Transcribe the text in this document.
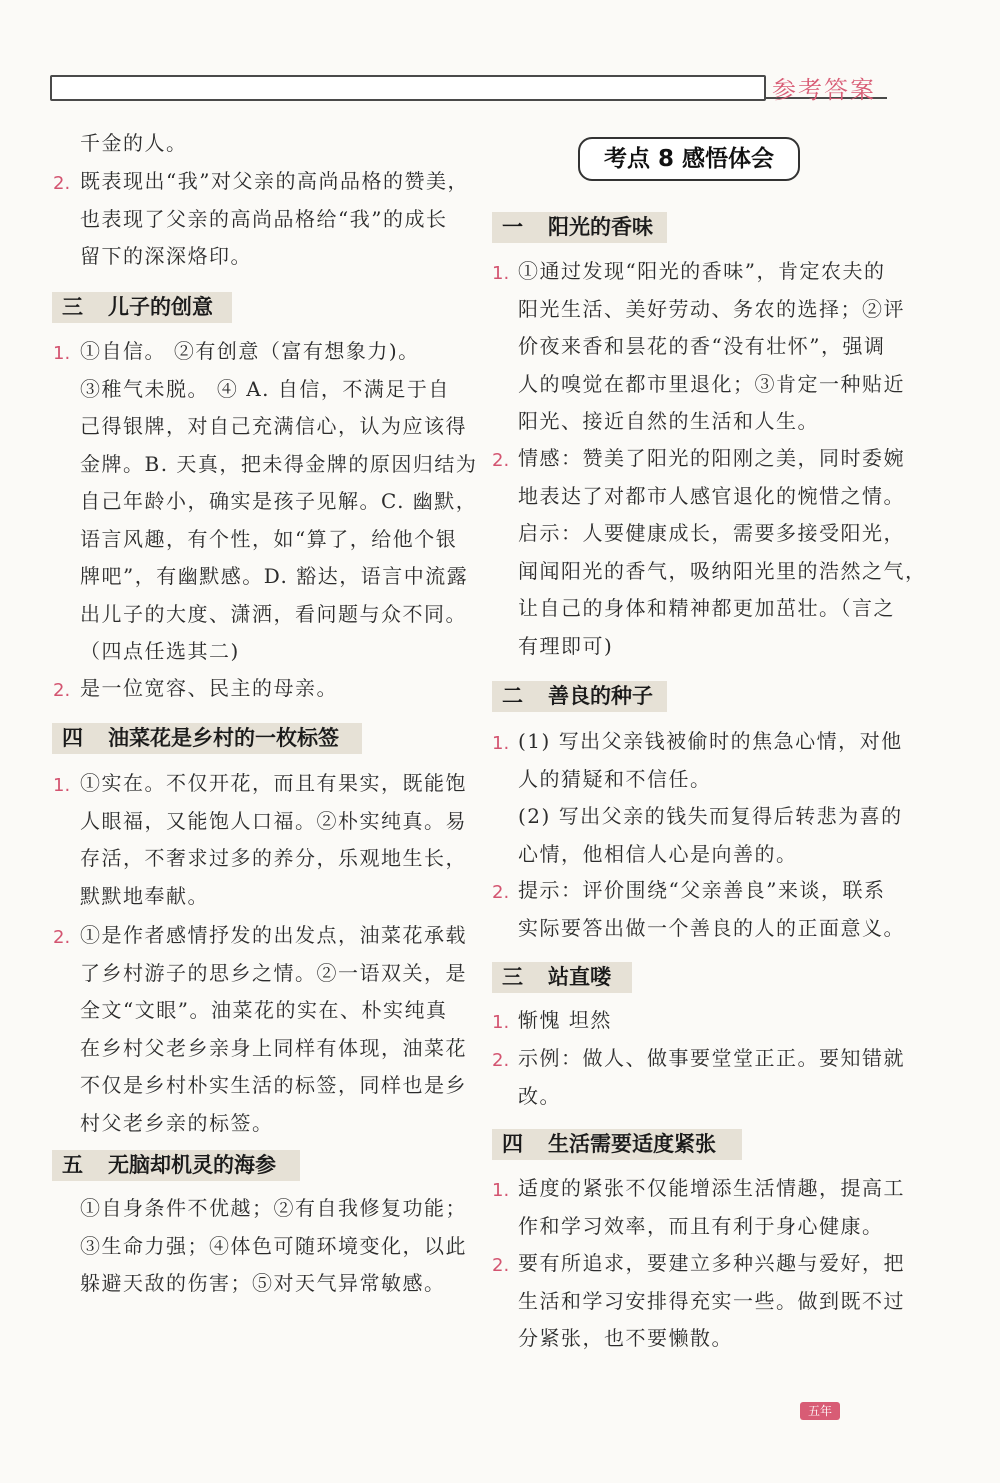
参考答案
千金的人。
2. 既表现出“我”对父亲的高尚品格的赞美，
也表现了父亲的高尚品格给“我”的成长
留下的深深烙印。
三 儿子的创意
1. ①自信。 ②有创意（富有想象力)。
③稚气未脱。 ④ A. 自信，不满足于自
己得银牌，对自己充满信心，认为应该得
金牌。B. 天真，把未得金牌的原因归结为
自己年龄小，确实是孩子见解。C. 幽默，
语言风趣，有个性，如“算了，给他个银
牌吧”，有幽默感。D. 豁达，语言中流露
出儿子的大度、潇洒，看问题与众不同。
（四点任选其二)
2. 是一位宽容、民主的母亲。
四 油菜花是乡村的一枚标签
1. ①实在。不仅开花，而且有果实，既能饱
人眼福，又能饱人口福。②朴实纯真。易
存活，不奢求过多的养分，乐观地生长，
默默地奉献。
2. ①是作者感情抒发的出发点，油菜花承载
了乡村游子的思乡之情。②一语双关，是
全文“文眼”。油菜花的实在、朴实纯真
在乡村父老乡亲身上同样有体现，油菜花
不仅是乡村朴实生活的标签，同样也是乡
村父老乡亲的标签。
五 无脑却机灵的海参
①自身条件不优越；②有自我修复功能；
③生命力强；④体色可随环境变化，以此
躲避天敌的伤害；⑤对天气异常敏感。
考点 8 感悟体会
一 阳光的香味
1. ①通过发现“阳光的香味”，肯定农夫的
阳光生活、美好劳动、务农的选择；②评
价夜来香和昙花的香“没有壮怀”，强调
人的嗅觉在都市里退化；③肯定一种贴近
阳光、接近自然的生活和人生。
2. 情感：赞美了阳光的阳刚之美，同时委婉
地表达了对都市人感官退化的惋惜之情。
启示：人要健康成长，需要多接受阳光，
闻闻阳光的香气，吸纳阳光里的浩然之气，
让自己的身体和精神都更加茁壮。（言之
有理即可)
二 善良的种子
1. (1) 写出父亲钱被偷时的焦急心情，对他
人的猜疑和不信任。
(2) 写出父亲的钱失而复得后转悲为喜的
心情，他相信人心是向善的。
2. 提示：评价围绕“父亲善良”来谈，联系
实际要答出做一个善良的人的正面意义。
三 站直喽
1. 惭愧 坦然
2. 示例：做人、做事要堂堂正正。要知错就
改。
四 生活需要适度紧张
1. 适度的紧张不仅能增添生活情趣，提高工
作和学习效率，而且有利于身心健康。
2. 要有所追求，要建立多种兴趣与爱好，把
生活和学习安排得充实一些。做到既不过
分紧张，也不要懒散。
五年
